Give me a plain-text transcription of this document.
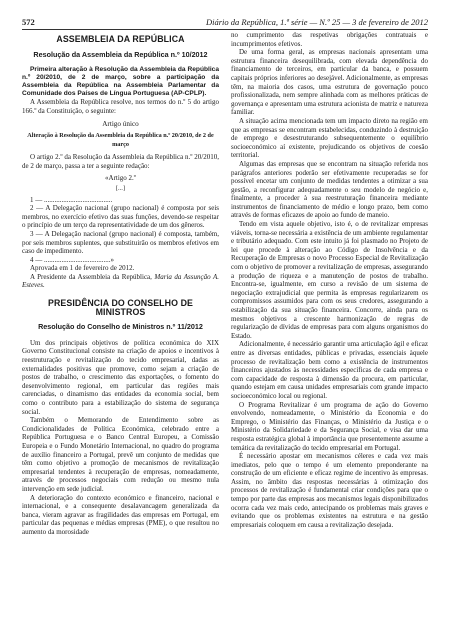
572	Diário da República, 1.ª série — N.º 25 — 3 de fevereiro de 2012
ASSEMBLEIA DA REPÚBLICA
Resolução da Assembleia da República n.º 10/2012

Primeira alteração à Resolução da Assembleia da República n.º 20/2010, de 2 de março, sobre a participação da Assembleia da República na Assembleia Parlamentar da Comunidade dos Países de Língua Portuguesa (AP-CPLP).

A Assembleia da República resolve, nos termos do n.º 5 do artigo 166.º da Constituição, o seguinte:

Artigo único
Alteração à Resolução da Assembleia da República n.º 20/2010, de 2 de março

O artigo 2.º da Resolução da Assembleia da República n.º 20/2010, de 2 de março, passa a ter a seguinte redação:

«Artigo 2.º
[...]

1 — .......................................

2 — A Delegação nacional (grupo nacional) é composta por seis membros, no exercício efetivo das suas funções, devendo-se respeitar o princípio de um terço da representatividade de um dos gêneros.

3 — A Delegação nacional (grupo nacional) é composta, também, por seis membros suplentes, que substituirão os membros efetivos em caso de impedimento.

4 — ......................................»

Aprovada em 1 de fevereiro de 2012.

A Presidente da Assembleia da República, Maria da Assunção A. Esteves.

PRESIDÊNCIA DO CONSELHO DE MINISTROS
Resolução do Conselho de Ministros n.º 11/2012

Um dos principais objetivos de política económica do XIX Governo Constitucional consiste na criação de apoios e incentivos à reestruturação e revitalização do tecido empresarial, dadas as externalidades positivas que promove, como sejam a criação de postos de trabalho, o crescimento das exportações, o fomento do desenvolvimento regional, em particular das regiões mais carenciadas, o dinamismo das entidades da economia social, bem como o contributo para a estabilização do sistema de segurança social.

Também o Memorando de Entendimento sobre as Condicionalidades de Política Económica, celebrado entre a República Portuguesa e o Banco Central Europeu, a Comissão Europeia e o Fundo Monetário Internacional, no quadro do programa de auxílio financeiro a Portugal, prevê um conjunto de medidas que têm como objetivo a promoção de mecanismos de revitalização empresarial tendentes à recuperação de empresas, nomeadamente, através de processos negociais com redução ou mesmo nula intervenção em sede judicial.

A deterioração do contexto económico e financeiro, nacional e internacional, e a consequente desalavancagem generalizada da banca, vieram agravar as fragilidades das empresas em Portugal, em particular das pequenas e médias empresas (PME), o que resultou no aumento da morosidade

no cumprimento das respetivas obrigações contratuais e incumprimentos efetivos.

De uma forma geral, as empresas nacionais apresentam uma estrutura financeira desequilibrada, com elevada dependência do financiamento de terceiros, em particular da banca, e possuem capitais próprios inferiores ao desejável. Adicionalmente, as empresas têm, na maioria dos casos, uma estrutura de governação pouco profissionalizada, nem sempre alinhada com as melhores práticas de governança e apresentam uma estrutura acionista de matriz e natureza familiar.

A situação acima mencionada tem um impacto direto na região em que as empresas se encontram estabelecidas, conduzindo à destruição de emprego e desestruturando subsequentemente o equilíbrio socioeconómico aí existente, prejudicando os objetivos de coesão territorial.

Algumas das empresas que se encontram na situação referida nos parágrafos anteriores poderão ser efetivamente recuperadas se for possível encetar um conjunto de medidas tendentes a otimizar a sua gestão, a reconfigurar adequadamente o seu modelo de negócio e, finalmente, a proceder à sua reestruturação financeira mediante instrumentos de financiamento de médio e longo prazo, bem como através de formas eficazes de apoio ao fundo de maneio.

Tendo em vista aquele objetivo, isto é, o de revitalizar empresas viáveis, torna-se necessária a existência de um ambiente regulamentar e tributário adequado. Com este intuito já foi plasmado no Projeto de lei que procede à alteração ao Código de Insolvência e da Recuperação de Empresas o novo Processo Especial de Revitalização com o objetivo de promover a revitalização de empresas, assegurando a produção de riqueza e a manutenção de postos de trabalho. Encontra-se, igualmente, em curso a revisão de um sistema de negociação extrajudicial que permita às empresas regularizarem os compromissos assumidos para com os seus credores, assegurando a estabilização da sua situação financeira. Concorre, ainda para os mesmos objetivos a crescente harmonização de regras de regularização de dívidas de empresas para com alguns organismos do Estado.

Adicionalmente, é necessário garantir uma articulação ágil e eficaz entre as diversas entidades, públicas e privadas, essenciais àquele processo de revitalização bem como a existência de instrumentos financeiros ajustados às necessidades específicas de cada empresa e com capacidade de resposta à dimensão da procura, em particular, quando estejam em causa unidades empresariais com grande impacto socioeconómico local ou regional.

O Programa Revitalizar é um programa de ação do Governo envolvendo, nomeadamente, o Ministério da Economia e do Emprego, o Ministério das Finanças, o Ministério da Justiça e o Ministério da Solidariedade e da Segurança Social, e visa dar uma resposta estratégica global à importância que presentemente assume a temática da revitalização do tecido empresarial em Portugal.

É necessário apostar em mecanismos céleres e cada vez mais imediatos, pelo que o tempo é um elemento preponderante na construção de um eficiente e eficaz regime de incentivo às empresas. Assim, no âmbito das respostas necessárias à otimização dos processos de revitalização é fundamental criar condições para que o tempo por parte das empresas aos mecanismos legais disponibilizados ocorra cada vez mais cedo, antecipando os problemas mais graves e evitando que os problemas existentes na estrutura e na gestão empresariais coloquem em causa a revitalização desejada.
